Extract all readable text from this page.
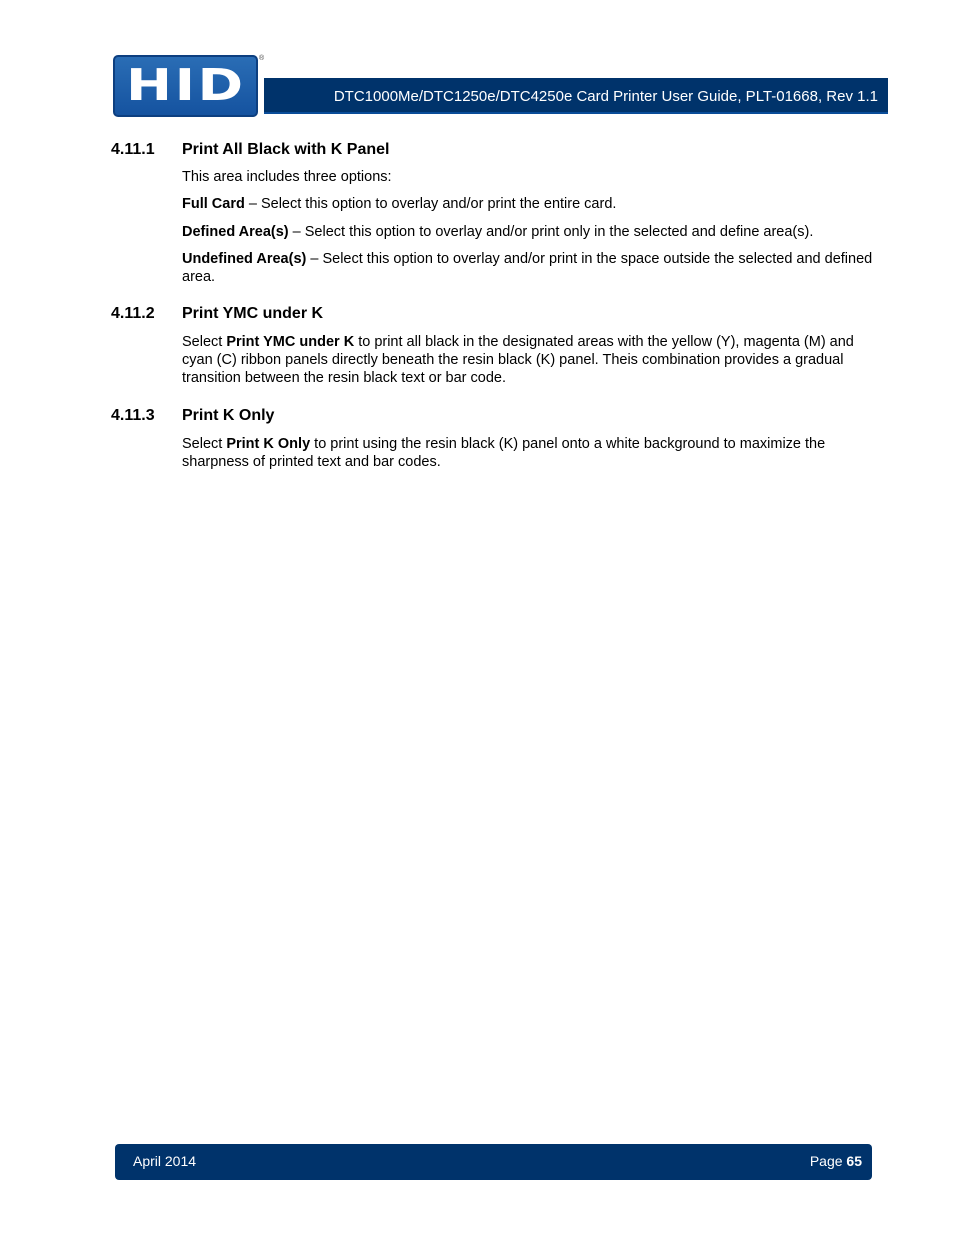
HID
®
DTC1000Me/DTC1250e/DTC4250e Card Printer User Guide, PLT-01668, Rev 1.1
4.11.1	Print All Black with K Panel

This area includes three options:

Full Card – Select this option to overlay and/or print the entire card.

Defined Area(s) – Select this option to overlay and/or print only in the selected and define area(s).

Undefined Area(s) – Select this option to overlay and/or print in the space outside the selected and defined area.

4.11.2	Print YMC under K

Select Print YMC under K to print all black in the designated areas with the yellow (Y), magenta (M) and cyan (C) ribbon panels directly beneath the resin black (K) panel. Theis combination provides a gradual transition between the resin black text or bar code.

4.11.3	Print K Only

Select Print K Only to print using the resin black (K) panel onto a white background to maximize the sharpness of printed text and bar codes.

April 2014	Page 65
